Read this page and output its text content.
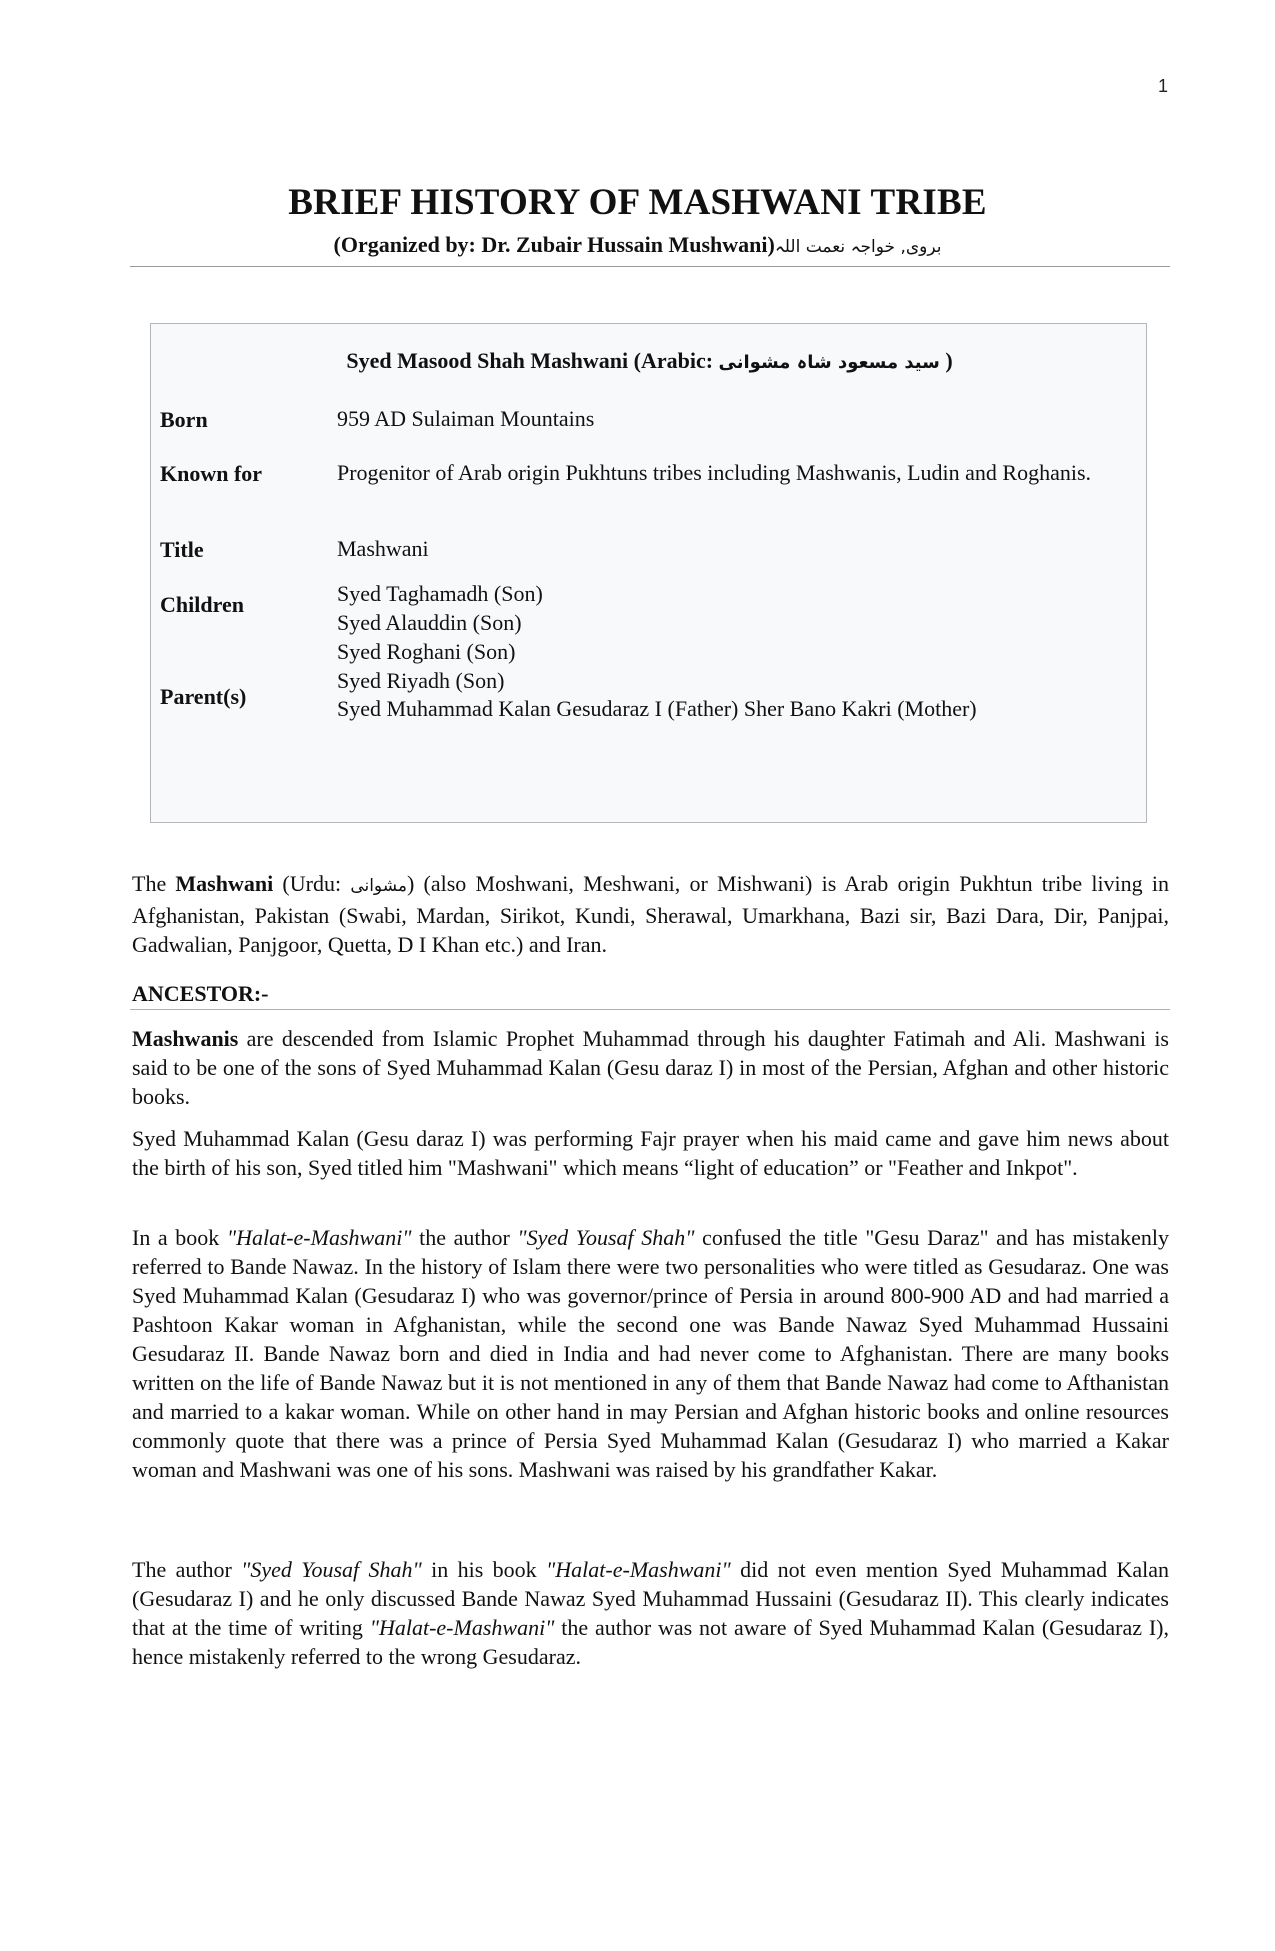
1
BRIEF HISTORY OF MASHWANI TRIBE
(Organized by: Dr. Zubair Hussain Mushwani)بروی, خواجہ نعمت اللہ
Syed Masood Shah Mashwani (Arabic: سید مسعود شاہ مشوانی )
Born	959 AD Sulaiman Mountains
Known for	Progenitor of Arab origin Pukhtuns tribes including Mashwanis, Ludin and Roghanis.
Title	Mashwani
Children	Syed Taghamadh (Son)
Syed Alauddin (Son)
Syed Roghani (Son)
Syed Riyadh (Son)
Parent(s)	Syed Muhammad Kalan Gesudaraz I (Father) Sher Bano Kakri (Mother)
The Mashwani (Urdu: مشوانی) (also Moshwani, Meshwani, or Mishwani) is Arab origin Pukhtun tribe living in Afghanistan, Pakistan (Swabi, Mardan, Sirikot, Kundi, Sherawal, Umarkhana, Bazi sir, Bazi Dara, Dir, Panjpai, Gadwalian, Panjgoor, Quetta, D I Khan etc.) and Iran.
ANCESTOR:-
Mashwanis are descended from Islamic Prophet Muhammad through his daughter Fatimah and Ali. Mashwani is said to be one of the sons of Syed Muhammad Kalan (Gesu daraz I) in most of the Persian, Afghan and other historic books.
Syed Muhammad Kalan (Gesu daraz I) was performing Fajr prayer when his maid came and gave him news about the birth of his son, Syed titled him "Mashwani" which means “light of education” or "Feather and Inkpot".
In a book "Halat-e-Mashwani" the author "Syed Yousaf Shah" confused the title "Gesu Daraz" and has mistakenly referred to Bande Nawaz. In the history of Islam there were two personalities who were titled as Gesudaraz. One was Syed Muhammad Kalan (Gesudaraz I) who was governor/prince of Persia in around 800-900 AD and had married a Pashtoon Kakar woman in Afghanistan, while the second one was Bande Nawaz Syed Muhammad Hussaini Gesudaraz II. Bande Nawaz born and died in India and had never come to Afghanistan. There are many books written on the life of Bande Nawaz but it is not mentioned in any of them that Bande Nawaz had come to Afthanistan and married to a kakar woman. While on other hand in may Persian and Afghan historic books and online resources commonly quote that there was a prince of Persia Syed Muhammad Kalan (Gesudaraz I) who married a Kakar woman and Mashwani was one of his sons. Mashwani was raised by his grandfather Kakar.
The author "Syed Yousaf Shah" in his book "Halat-e-Mashwani" did not even mention Syed Muhammad Kalan (Gesudaraz I) and he only discussed Bande Nawaz Syed Muhammad Hussaini (Gesudaraz II). This clearly indicates that at the time of writing "Halat-e-Mashwani" the author was not aware of Syed Muhammad Kalan (Gesudaraz I), hence mistakenly referred to the wrong Gesudaraz.
